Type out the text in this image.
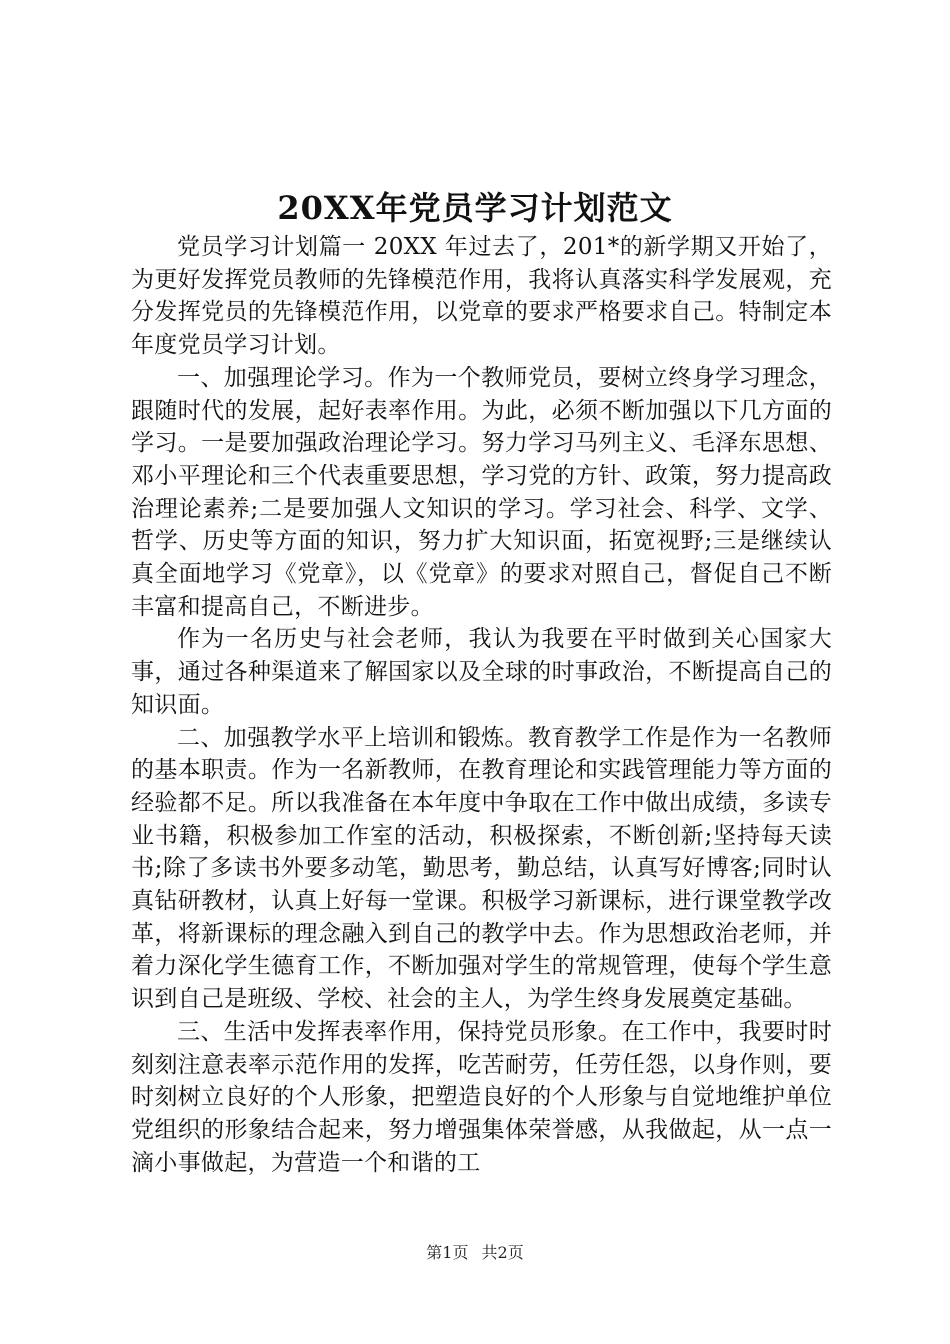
20XX年党员学习计划范文

党员学习计划篇一 20XX 年过去了，201*的新学期又开始了，为更好发挥党员教师的先锋模范作用，我将认真落实科学发展观，充分发挥党员的先锋模范作用，以党章的要求严格要求自己。特制定本年度党员学习计划。

一、加强理论学习。作为一个教师党员，要树立终身学习理念，跟随时代的发展，起好表率作用。为此，必须不断加强以下几方面的学习。一是要加强政治理论学习。努力学习马列主义、毛泽东思想、邓小平理论和三个代表重要思想，学习党的方针、政策，努力提高政治理论素养;二是要加强人文知识的学习。学习社会、科学、文学、哲学、历史等方面的知识，努力扩大知识面，拓宽视野;三是继续认真全面地学习《党章》，以《党章》的要求对照自己，督促自己不断丰富和提高自己，不断进步。

作为一名历史与社会老师，我认为我要在平时做到关心国家大事，通过各种渠道来了解国家以及全球的时事政治，不断提高自己的知识面。

二、加强教学水平上培训和锻炼。教育教学工作是作为一名教师的基本职责。作为一名新教师，在教育理论和实践管理能力等方面的经验都不足。所以我准备在本年度中争取在工作中做出成绩，多读专业书籍，积极参加工作室的活动，积极探索，不断创新;坚持每天读书;除了多读书外要多动笔，勤思考，勤总结，认真写好博客;同时认真钻研教材，认真上好每一堂课。积极学习新课标，进行课堂教学改革，将新课标的理念融入到自己的教学中去。作为思想政治老师，并着力深化学生德育工作，不断加强对学生的常规管理，使每个学生意识到自己是班级、学校、社会的主人，为学生终身发展奠定基础。

三、生活中发挥表率作用，保持党员形象。在工作中，我要时时刻刻注意表率示范作用的发挥，吃苦耐劳，任劳任怨，以身作则，要时刻树立良好的个人形象，把塑造良好的个人形象与自觉地维护单位党组织的形象结合起来，努力增强集体荣誉感，从我做起，从一点一滴小事做起，为营造一个和谐的工

第1页 共2页
